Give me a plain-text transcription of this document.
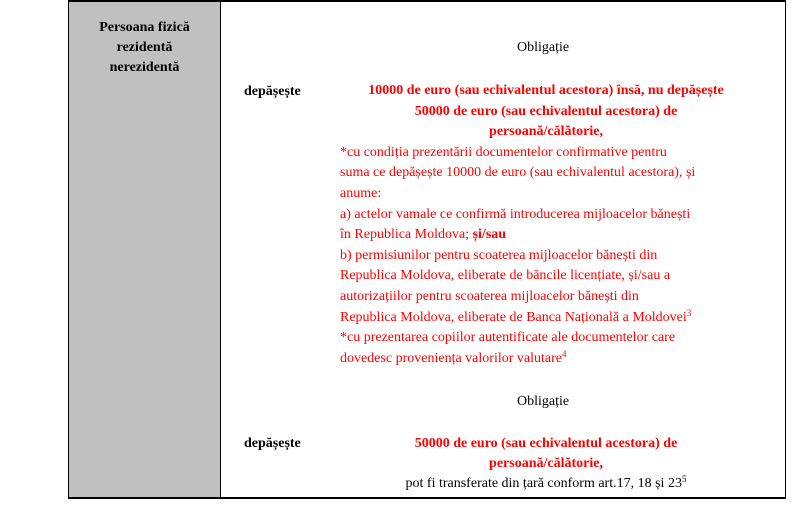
Persoana fizică
rezidentă
nerezidentă
Obligație
depășește	10000 de euro (sau echivalentul acestora) însă, nu depășește
50000 de euro (sau echivalentul acestora) de
persoană/călătorie,
*cu condiția prezentării documentelor confirmative pentru
suma ce depășește 10000 de euro (sau echivalentul acestora), și
anume:
a) actelor vamale ce confirmă introducerea mijloacelor bănești
în Republica Moldova; și/sau
b) permisiunilor pentru scoaterea mijloacelor bănești din
Republica Moldova, eliberate de băncile licențiate, și/sau a
autorizațiilor pentru scoaterea mijloacelor bănești din
Republica Moldova, eliberate de Banca Națională a Moldovei$^3$
*cu prezentarea copiilor autentificate ale documentelor care
dovedesc proveniența valorilor valutare$^4$
Obligație
depășește	50000 de euro (sau echivalentul acestora) de
persoană/călătorie,
pot fi transferate din țară conform art.17, 18 și $23^5$
